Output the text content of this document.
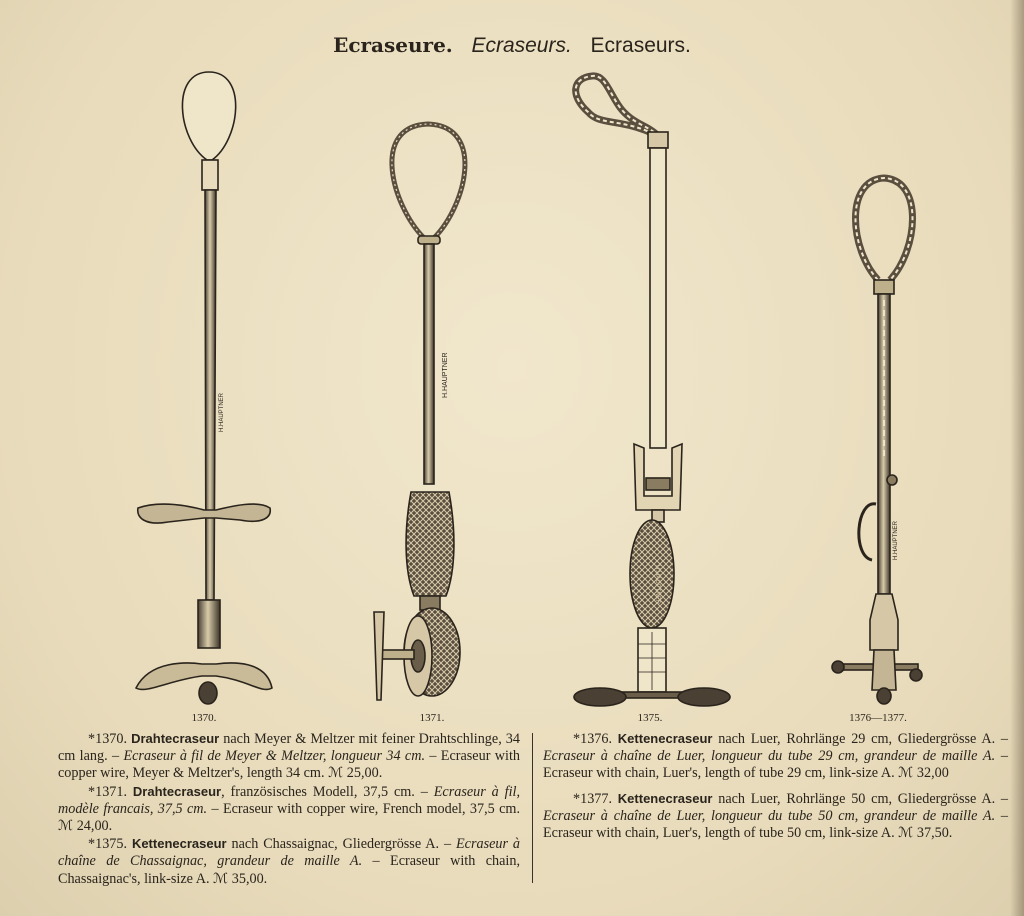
Ecraseure. Ecraseurs. Ecraseurs.
H.HAUPTNER
H.HAUPTNER
H.HAUPTNER
H.HAUPTNER
1370.	1371.	1375.	1376—1377.

*1370. Drahtecraseur nach Meyer & Meltzer mit feiner Drahtschlinge, 34 cm lang. – Ecraseur à fil de Meyer & Meltzer, longueur 34 cm. – Ecraseur with copper wire, Meyer & Meltzer's, length 34 cm. ℳ 25,00.

*1371. Drahtecraseur, französisches Modell, 37,5 cm. – Ecraseur à fil, modèle francais, 37,5 cm. – Ecraseur with copper wire, French model, 37,5 cm. ℳ 24,00.

*1375. Kettenecraseur nach Chassaignac, Gliedergrösse A. – Ecraseur à chaîne de Chassaignac, grandeur de maille A. – Ecraseur with chain, Chassaignac's, link-size A. ℳ 35,00.

*1376. Kettenecraseur nach Luer, Rohrlänge 29 cm, Gliedergrösse A. – Ecraseur à chaîne de Luer, longueur du tube 29 cm, grandeur de maille A. – Ecraseur with chain, Luer's, length of tube 29 cm, link-size A. ℳ 32,00

*1377. Kettenecraseur nach Luer, Rohrlänge 50 cm, Gliedergrösse A. – Ecraseur à chaîne de Luer, longueur du tube 50 cm, grandeur de maille A. – Ecraseur with chain, Luer's, length of tube 50 cm, link-size A. ℳ 37,50.
